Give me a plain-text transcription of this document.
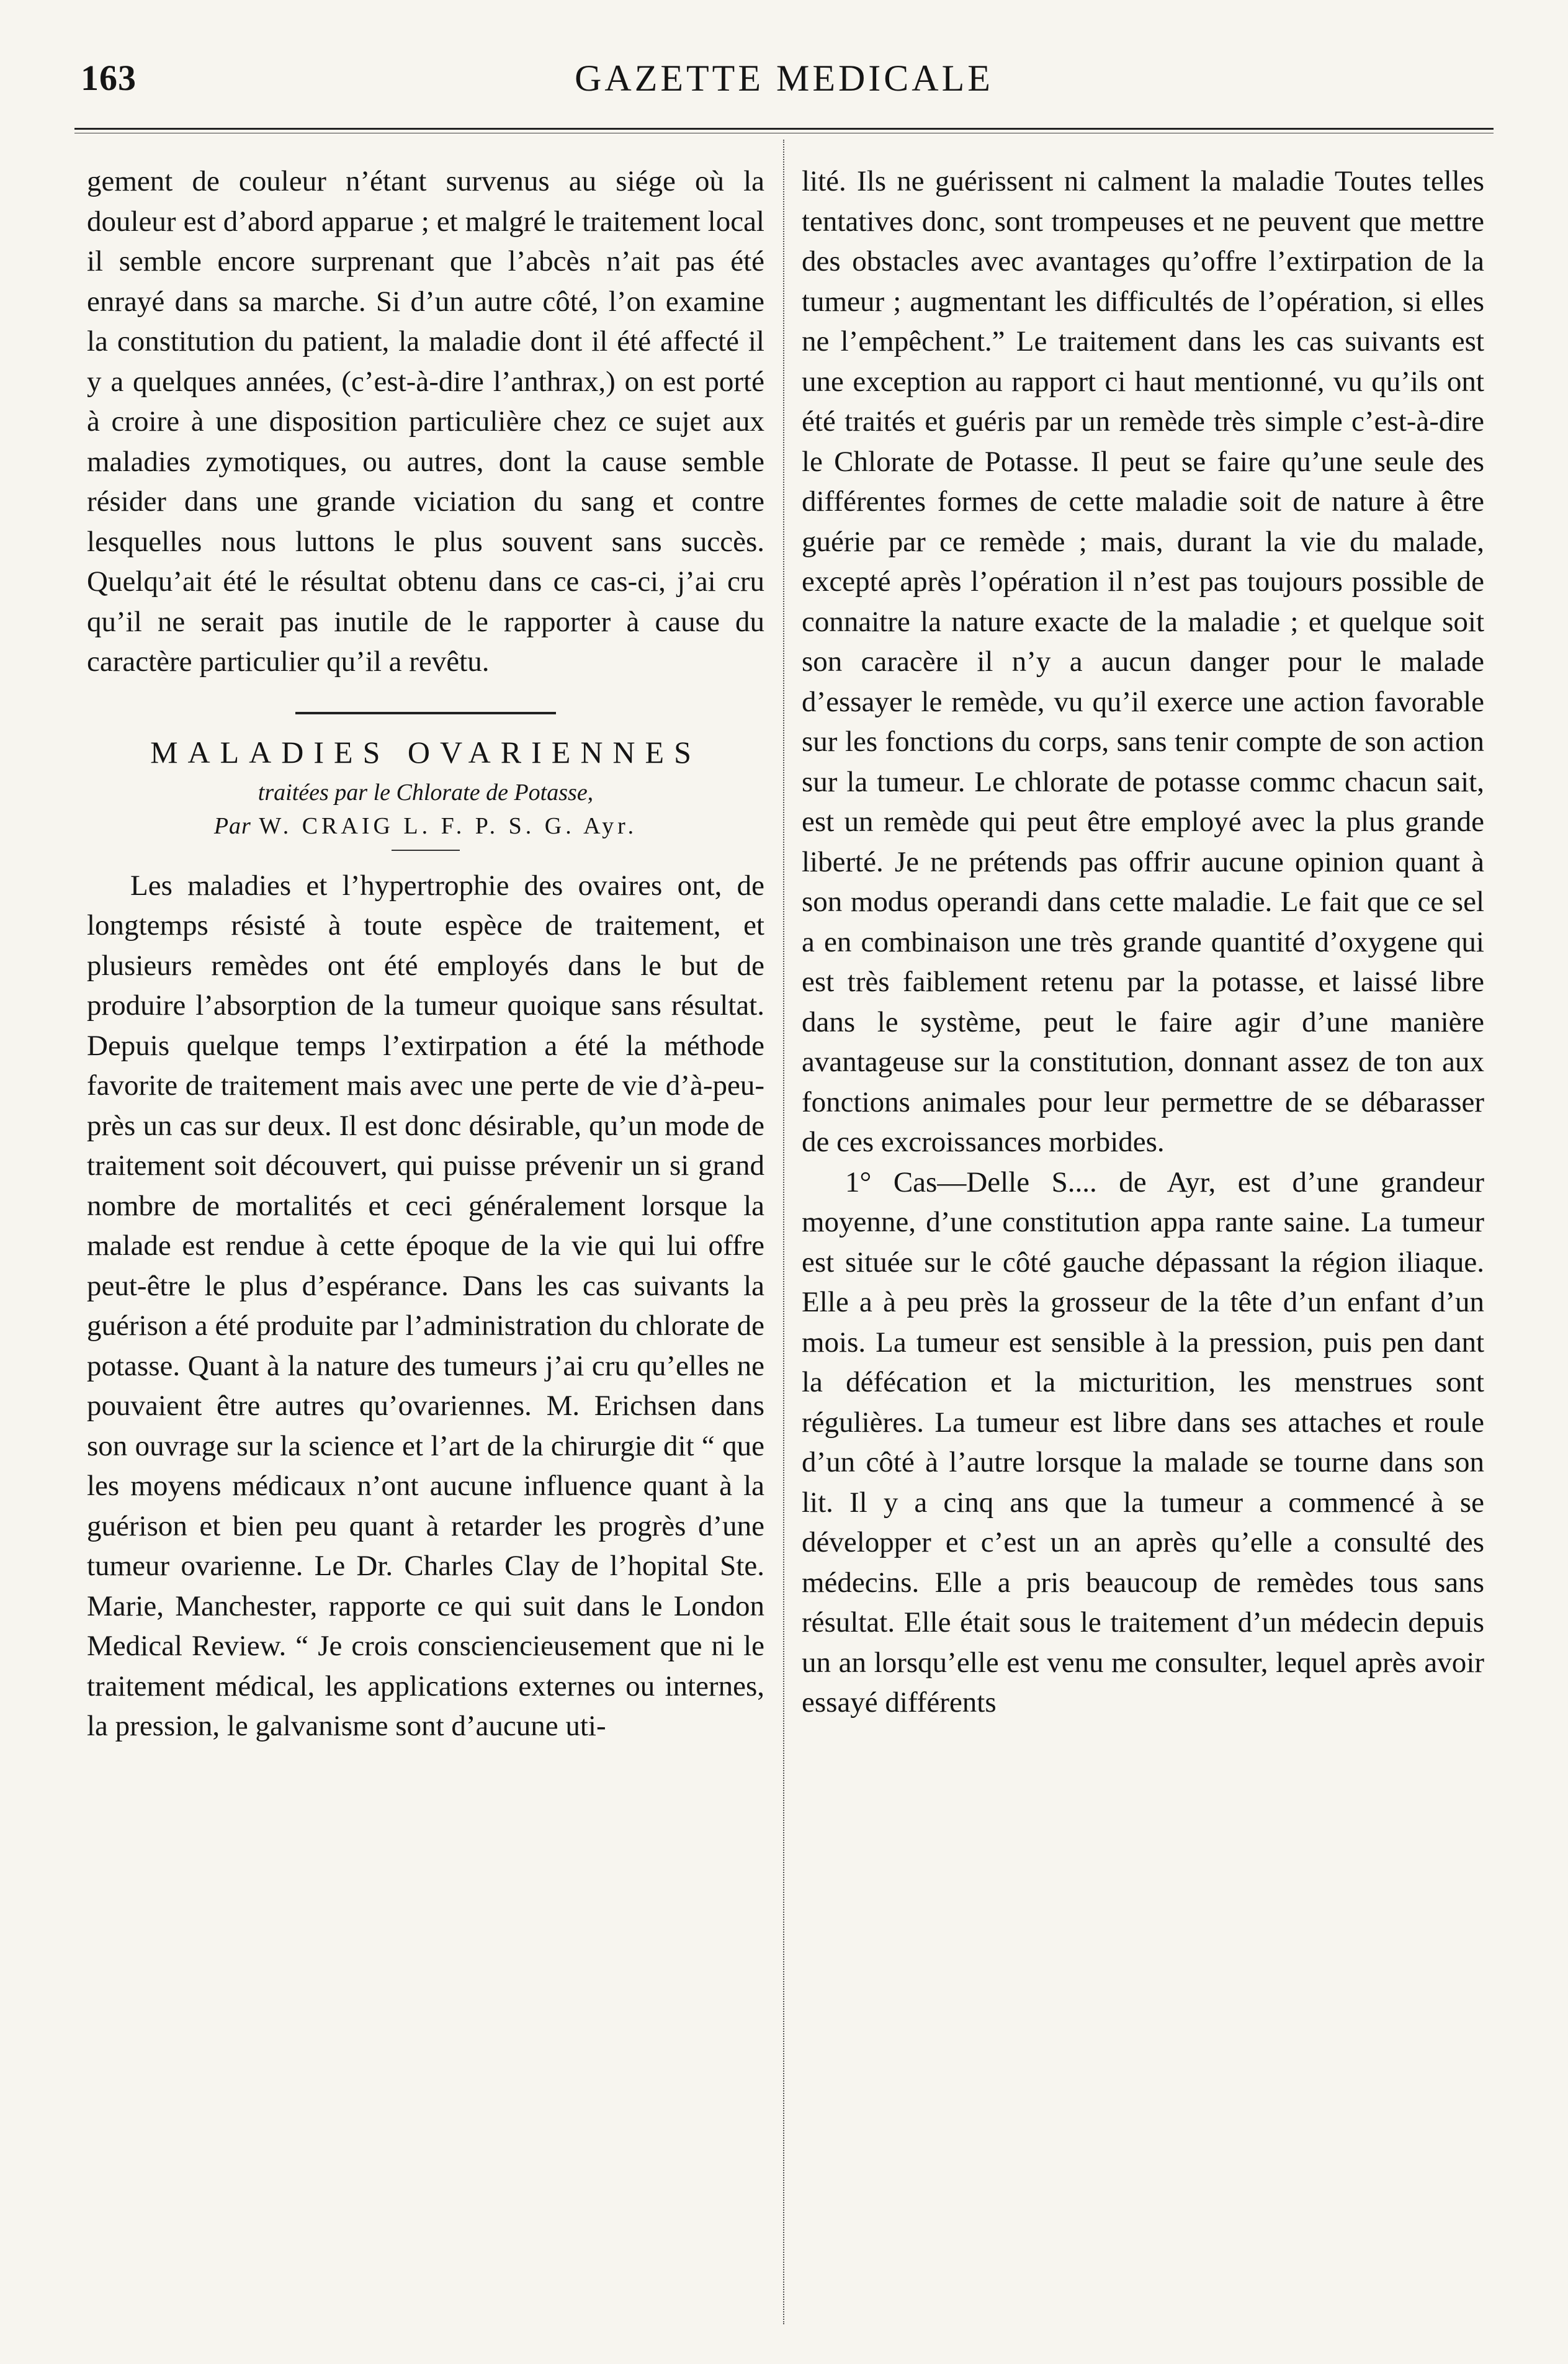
163	GAZETTE MEDICALE

gement de couleur n’étant survenus au siége où la douleur est d’abord apparue ; et malgré le traitement local il semble encore surprenant que l’abcès n’ait pas été enrayé dans sa marche. Si d’un autre côté, l’on examine la constitution du patient, la maladie dont il été affecté il y a quelques années, (c’est-à-dire l’anthrax,) on est porté à croire à une disposition particulière chez ce sujet aux maladies zymotiques, ou autres, dont la cause semble résider dans une grande viciation du sang et contre lesquelles nous luttons le plus souvent sans succès. Quelqu’ait été le résultat obtenu dans ce cas-ci, j’ai cru qu’il ne serait pas inutile de le rapporter à cause du caractère particulier qu’il a revêtu.

MALADIES OVARIENNES
traitées par le Chlorate de Potasse,
Par W. CRAIG L. F. P. S. G. Ayr.

Les maladies et l’hypertrophie des ovaires ont, de longtemps résisté à toute espèce de traitement, et plusieurs remèdes ont été employés dans le but de produire l’absorption de la tumeur quoique sans résultat. Depuis quelque temps l’extirpation a été la méthode favorite de traitement mais avec une perte de vie d’à-peu-près un cas sur deux. Il est donc désirable, qu’un mode de traitement soit découvert, qui puisse prévenir un si grand nombre de mortalités et ceci généralement lorsque la malade est rendue à cette époque de la vie qui lui offre peut-être le plus d’espérance. Dans les cas suivants la guérison a été produite par l’administration du chlorate de potasse. Quant à la nature des tumeurs j’ai cru qu’elles ne pouvaient être autres qu’ovariennes. M. Erichsen dans son ouvrage sur la science et l’art de la chirurgie dit “ que les moyens médicaux n’ont aucune influence quant à la guérison et bien peu quant à retarder les progrès d’une tumeur ovarienne. Le Dr. Charles Clay de l’hopital Ste. Marie, Manchester, rapporte ce qui suit dans le London Medical Review. “ Je crois consciencieusement que ni le traitement médical, les applications externes ou internes, la pression, le galvanisme sont d’aucune uti-

lité. Ils ne guérissent ni calment la maladie Toutes telles tentatives donc, sont trompeuses et ne peuvent que mettre des obstacles avec avantages qu’offre l’extirpation de la tumeur ; augmentant les difficultés de l’opération, si elles ne l’empêchent.” Le traitement dans les cas suivants est une exception au rapport ci haut mentionné, vu qu’ils ont été traités et guéris par un remède très simple c’est-à-dire le Chlorate de Potasse. Il peut se faire qu’une seule des différentes formes de cette maladie soit de nature à être guérie par ce remède ; mais, durant la vie du malade, excepté après l’opération il n’est pas toujours possible de connaitre la nature exacte de la maladie ; et quelque soit son caracère il n’y a aucun danger pour le malade d’essayer le remède, vu qu’il exerce une action favorable sur les fonctions du corps, sans tenir compte de son action sur la tumeur. Le chlorate de potasse commc chacun sait, est un remède qui peut être employé avec la plus grande liberté. Je ne prétends pas offrir aucune opinion quant à son modus operandi dans cette maladie. Le fait que ce sel a en combinaison une très grande quantité d’oxygene qui est très faiblement retenu par la potasse, et laissé libre dans le système, peut le faire agir d’une manière avantageuse sur la constitution, donnant assez de ton aux fonctions animales pour leur permettre de se débarasser de ces excroissances morbides.

1° Cas—Delle S.... de Ayr, est d’une grandeur moyenne, d’une constitution appa rante saine. La tumeur est située sur le côté gauche dépassant la région iliaque. Elle a à peu près la grosseur de la tête d’un enfant d’un mois. La tumeur est sensible à la pression, puis pen dant la défécation et la micturition, les menstrues sont régulières. La tumeur est libre dans ses attaches et roule d’un côté à l’autre lorsque la malade se tourne dans son lit. Il y a cinq ans que la tumeur a commencé à se développer et c’est un an après qu’elle a consulté des médecins. Elle a pris beaucoup de remèdes tous sans résultat. Elle était sous le traitement d’un médecin depuis un an lorsqu’elle est venu me consulter, lequel après avoir essayé différents
